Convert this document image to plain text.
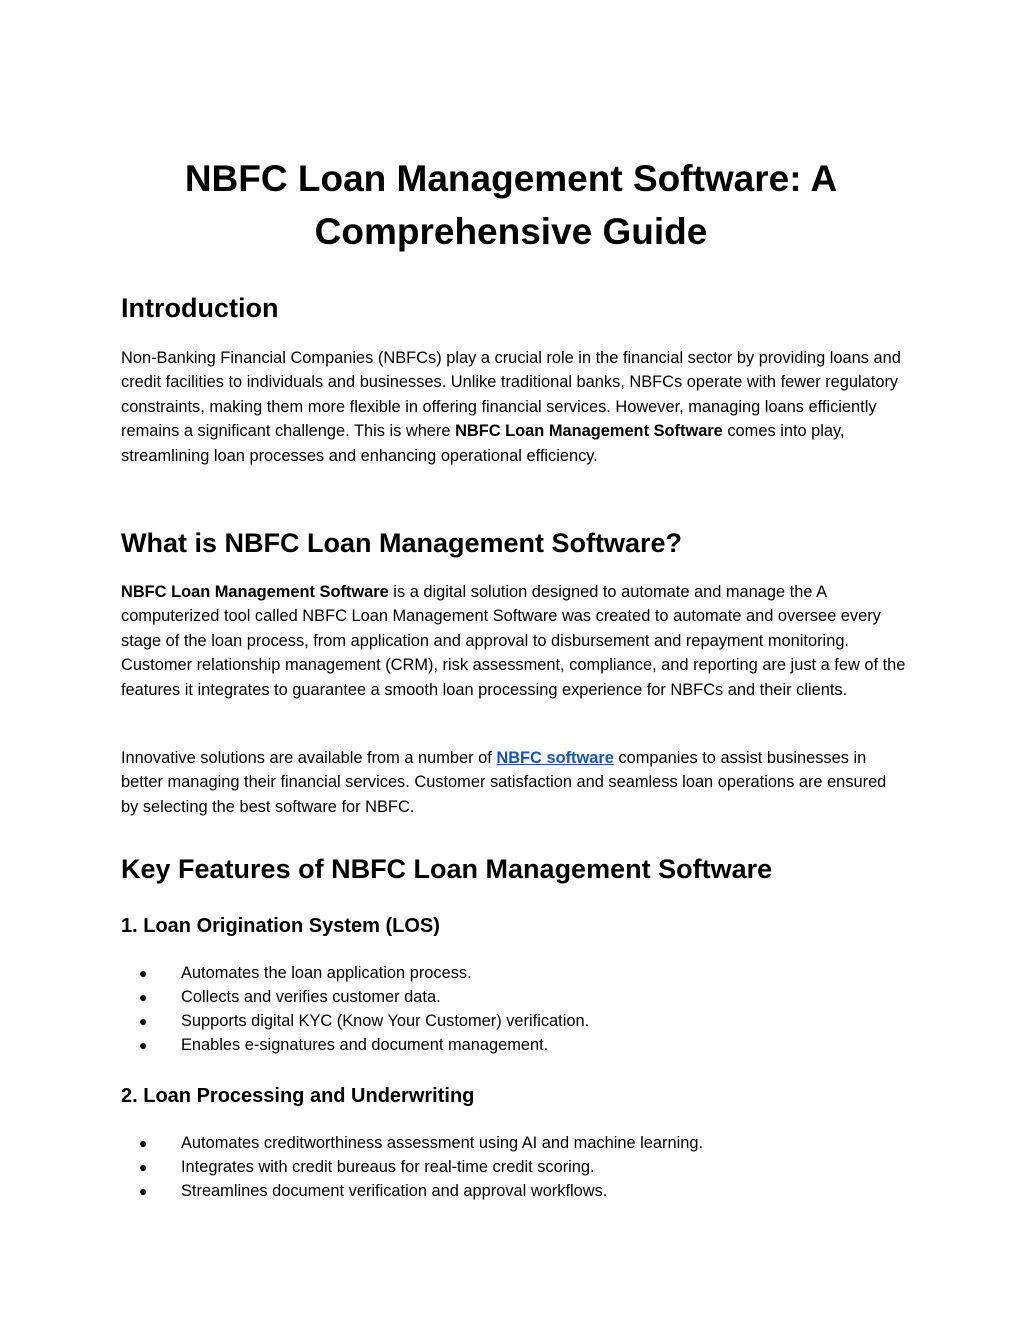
NBFC Loan Management Software: A Comprehensive Guide
Introduction

Non-Banking Financial Companies (NBFCs) play a crucial role in the financial sector by providing loans and credit facilities to individuals and businesses. Unlike traditional banks, NBFCs operate with fewer regulatory constraints, making them more flexible in offering financial services. However, managing loans efficiently remains a significant challenge. This is where NBFC Loan Management Software comes into play, streamlining loan processes and enhancing operational efficiency.

What is NBFC Loan Management Software?

NBFC Loan Management Software is a digital solution designed to automate and manage the A computerized tool called NBFC Loan Management Software was created to automate and oversee every stage of the loan process, from application and approval to disbursement and repayment monitoring. Customer relationship management (CRM), risk assessment, compliance, and reporting are just a few of the features it integrates to guarantee a smooth loan processing experience for NBFCs and their clients.

Innovative solutions are available from a number of NBFC software companies to assist businesses in better managing their financial services. Customer satisfaction and seamless loan operations are ensured by selecting the best software for NBFC.

Key Features of NBFC Loan Management Software
1. Loan Origination System (LOS)
● Automates the loan application process.
● Collects and verifies customer data.
● Supports digital KYC (Know Your Customer) verification.
● Enables e-signatures and document management.
2. Loan Processing and Underwriting
● Automates creditworthiness assessment using AI and machine learning.
● Integrates with credit bureaus for real-time credit scoring.
● Streamlines document verification and approval workflows.
